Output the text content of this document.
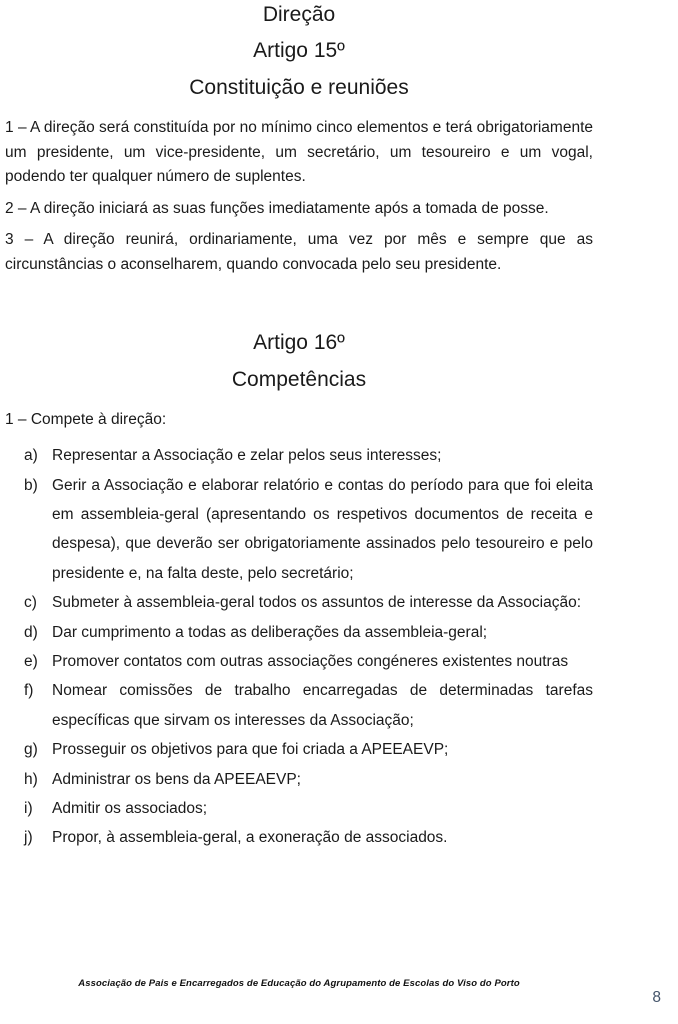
Direção
Artigo 15º
Constituição e reuniões

1 – A direção será constituída por no mínimo cinco elementos e terá obrigatoriamente um presidente, um vice-presidente, um secretário, um tesoureiro e um vogal, podendo ter qualquer número de suplentes.

2 – A direção iniciará as suas funções imediatamente após a tomada de posse.

3 – A direção reunirá, ordinariamente, uma vez por mês e sempre que as circunstâncias o aconselharem, quando convocada pelo seu presidente.

Artigo 16º
Competências

1 – Compete à direção:

a) Representar a Associação e zelar pelos seus interesses;
b) Gerir a Associação e elaborar relatório e contas do período para que foi eleita em assembleia-geral (apresentando os respetivos documentos de receita e despesa), que deverão ser obrigatoriamente assinados pelo tesoureiro e pelo presidente e, na falta deste, pelo secretário;
c) Submeter à assembleia-geral todos os assuntos de interesse da Associação:
d) Dar cumprimento a todas as deliberações da assembleia-geral;
e) Promover contatos com outras associações congéneres existentes noutras
f) Nomear comissões de trabalho encarregadas de determinadas tarefas específicas que sirvam os interesses da Associação;
g) Prosseguir os objetivos para que foi criada a APEEAEVP;
h) Administrar os bens da APEEAEVP;
i) Admitir os associados;
j) Propor, à assembleia-geral, a exoneração de associados.
Associação de Pais e Encarregados de Educação do Agrupamento de Escolas do Viso do Porto
8
